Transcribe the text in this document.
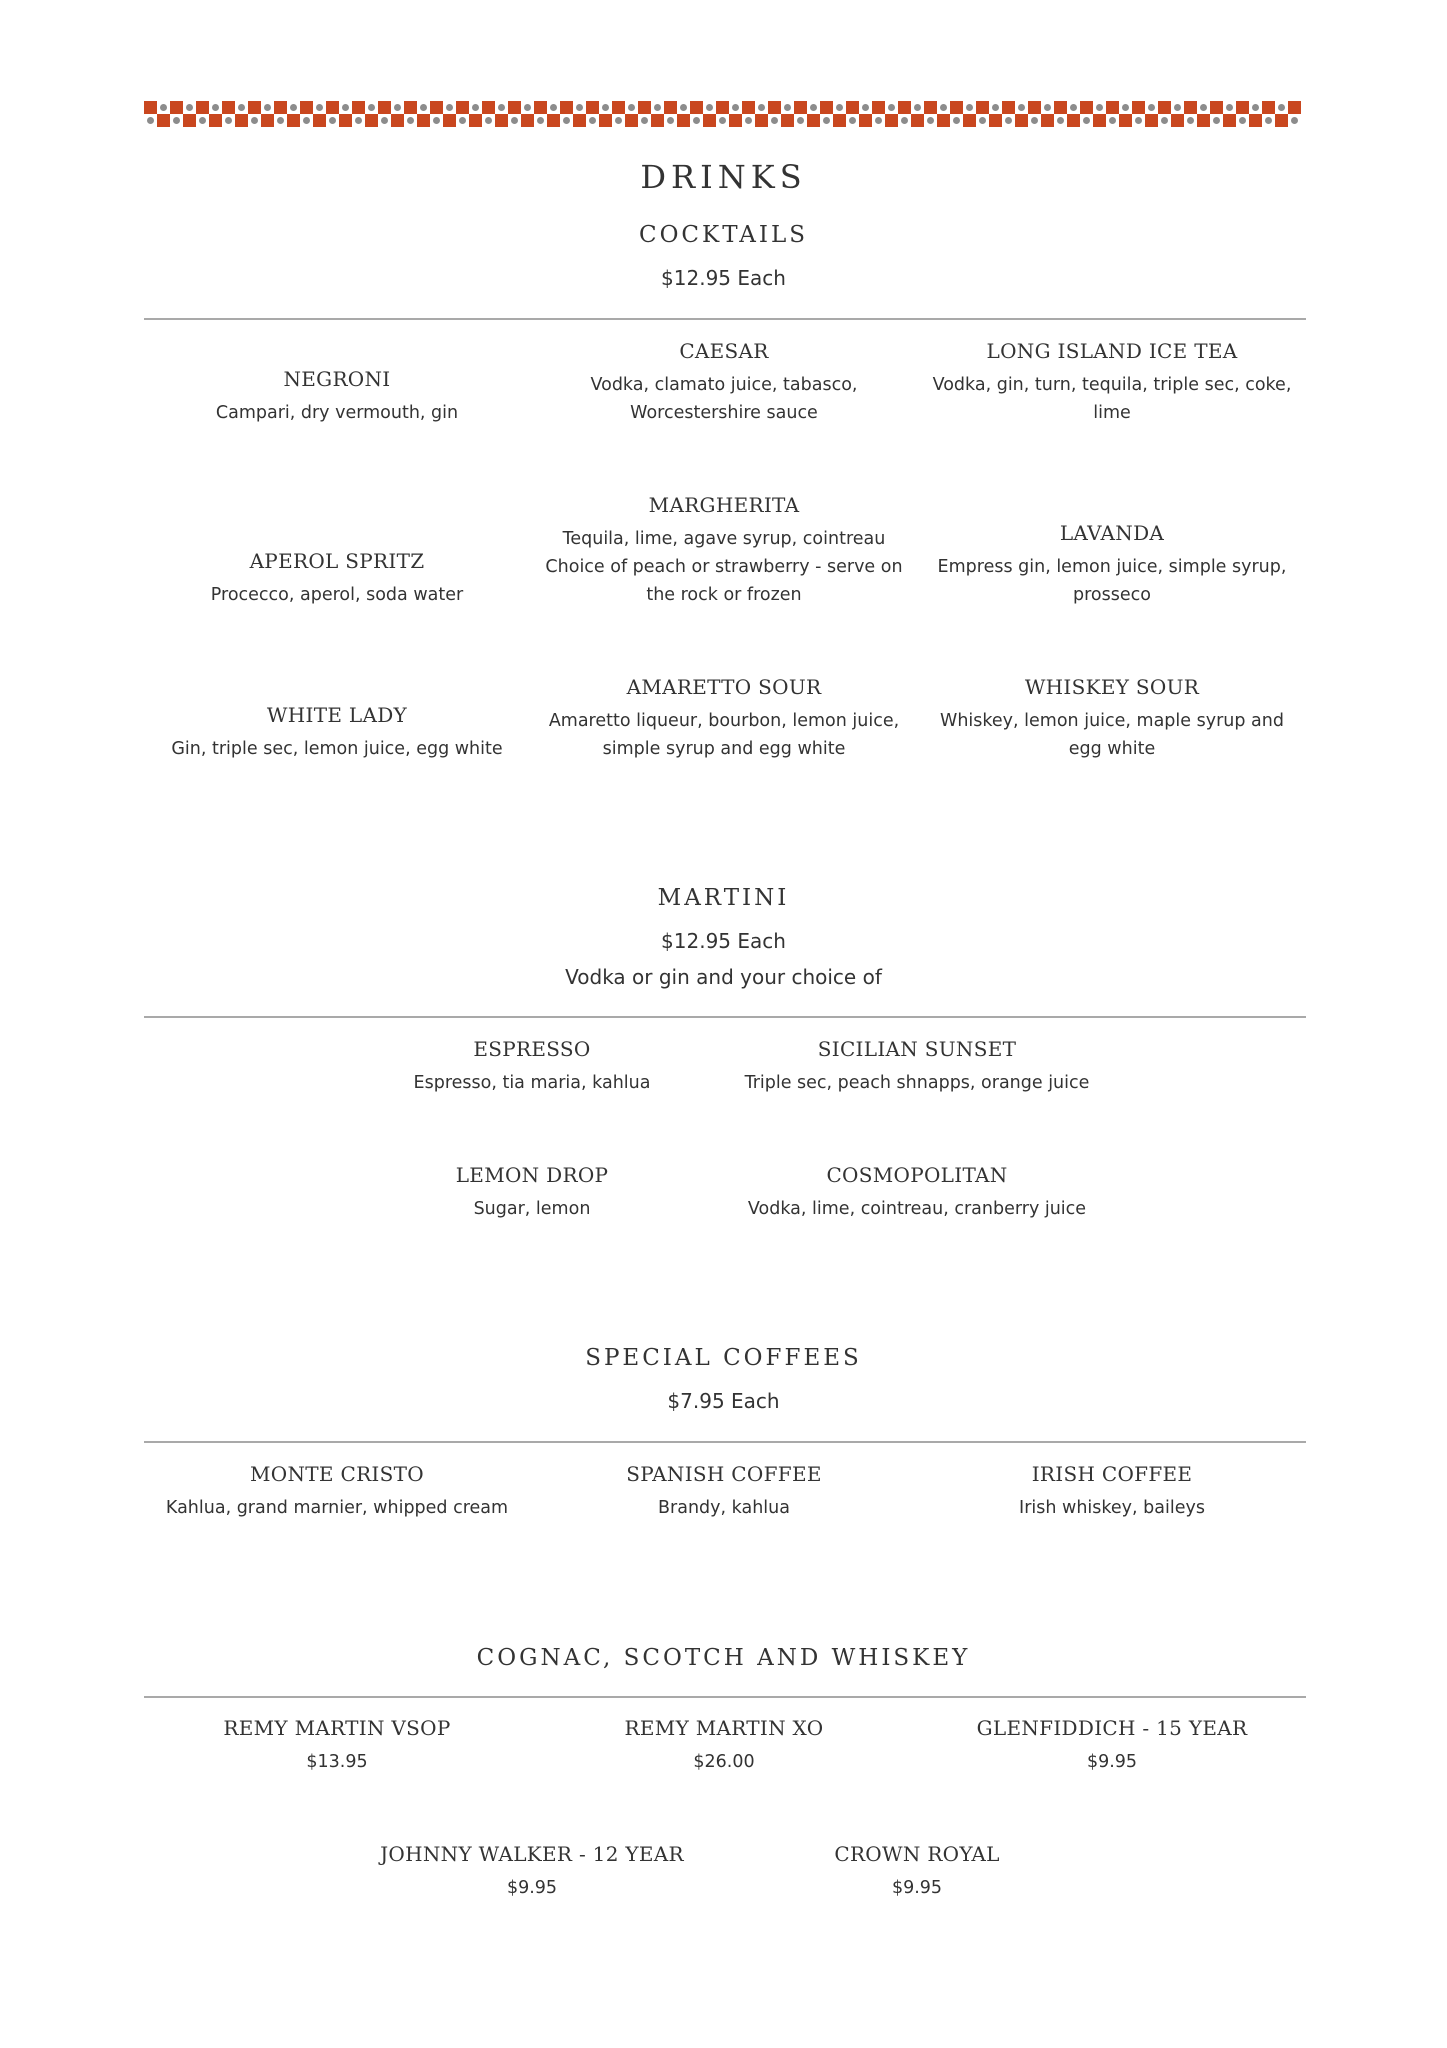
DRINKS
COCKTAILS
$12.95 Each
NEGRONI
Campari, dry vermouth, gin
CAESAR
Vodka, clamato juice, tabasco,
Worcestershire sauce
LONG ISLAND ICE TEA
Vodka, gin, turn, tequila, triple sec, coke,
lime
APEROL SPRITZ
Procecco, aperol, soda water
MARGHERITA
Tequila, lime, agave syrup, cointreau
Choice of peach or strawberry - serve on
the rock or frozen
LAVANDA
Empress gin, lemon juice, simple syrup,
prosseco
WHITE LADY
Gin, triple sec, lemon juice, egg white
AMARETTO SOUR
Amaretto liqueur, bourbon, lemon juice,
simple syrup and egg white
WHISKEY SOUR
Whiskey, lemon juice, maple syrup and
egg white
MARTINI
$12.95 Each
Vodka or gin and your choice of
ESPRESSO
Espresso, tia maria, kahlua
SICILIAN SUNSET
Triple sec, peach shnapps, orange juice
LEMON DROP
Sugar, lemon
COSMOPOLITAN
Vodka, lime, cointreau, cranberry juice
SPECIAL COFFEES
$7.95 Each
MONTE CRISTO
Kahlua, grand marnier, whipped cream
SPANISH COFFEE
Brandy, kahlua
IRISH COFFEE
Irish whiskey, baileys
COGNAC, SCOTCH AND WHISKEY
REMY MARTIN VSOP
$13.95
REMY MARTIN XO
$26.00
GLENFIDDICH - 15 YEAR
$9.95
JOHNNY WALKER - 12 YEAR
$9.95
CROWN ROYAL
$9.95
